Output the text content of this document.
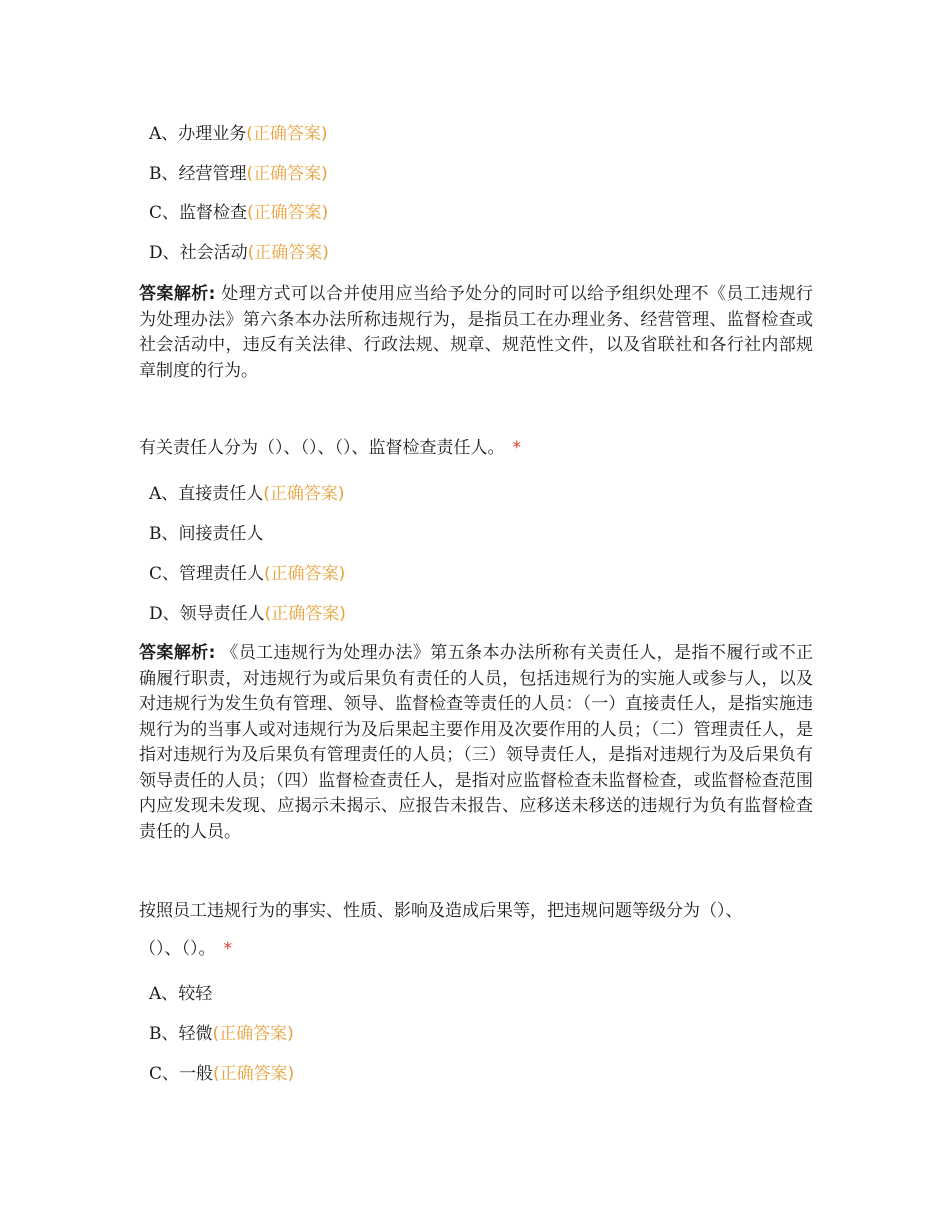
A、办理业务(正确答案)
B、经营管理(正确答案)
C、监督检查(正确答案)
D、社会活动(正确答案)
答案解析: 处理方式可以合并使用应当给予处分的同时可以给予组织处理不《员工违规行为处理办法》第六条本办法所称违规行为，是指员工在办理业务、经营管理、监督检查或社会活动中，违反有关法律、行政法规、规章、规范性文件，以及省联社和各行社内部规章制度的行为。
有关责任人分为（）、（）、（）、监督检查责任人。 *
A、直接责任人(正确答案)
B、间接责任人
C、管理责任人(正确答案)
D、领导责任人(正确答案)
答案解析: 《员工违规行为处理办法》第五条本办法所称有关责任人，是指不履行或不正确履行职责，对违规行为或后果负有责任的人员，包括违规行为的实施人或参与人，以及对违规行为发生负有管理、领导、监督检查等责任的人员：（一）直接责任人，是指实施违规行为的当事人或对违规行为及后果起主要作用及次要作用的人员；（二）管理责任人，是指对违规行为及后果负有管理责任的人员；（三）领导责任人，是指对违规行为及后果负有领导责任的人员；（四）监督检查责任人，是指对应监督检查未监督检查，或监督检查范围内应发现未发现、应揭示未揭示、应报告未报告、应移送未移送的违规行为负有监督检查责任的人员。
按照员工违规行为的事实、性质、影响及造成后果等，把违规问题等级分为（）、
（）、（）。 *
A、较轻
B、轻微(正确答案)
C、一般(正确答案)
